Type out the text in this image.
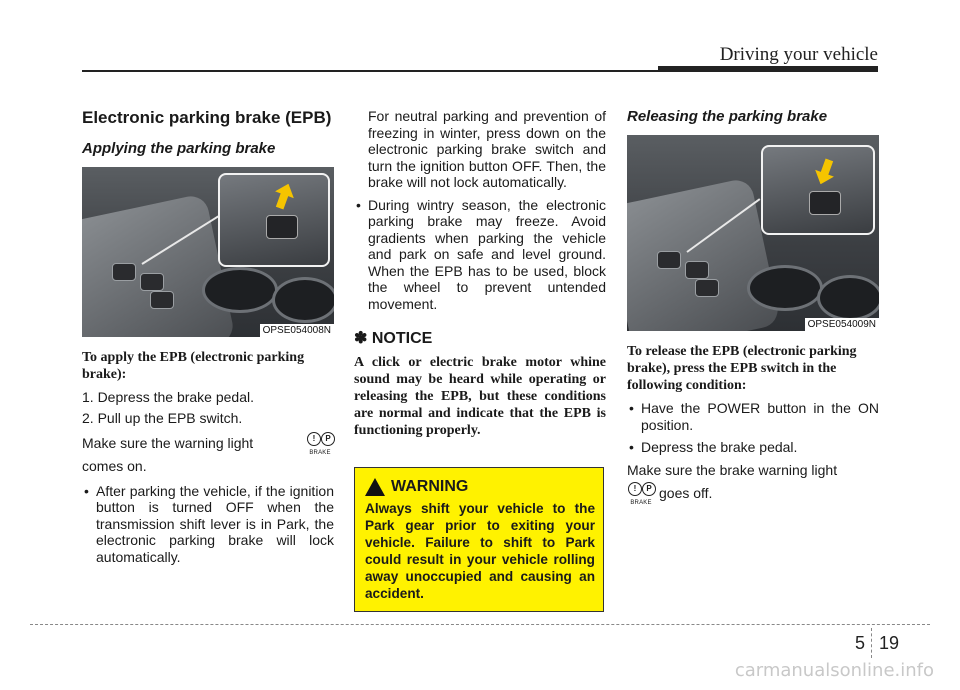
Driving your vehicle
Electronic parking brake (EPB)
Applying the parking brake
OPSE054008N
To apply the EPB (electronic parking brake):

1. Depress the brake pedal.

2. Pull up the EPB switch.

Make sure the warning light	!	P
BRAKE

comes on.

• After parking the vehicle, if the ignition button is turned OFF when the transmission shift lever is in Park, the electronic parking brake will lock automatically.

For neutral parking and prevention of freezing in winter, press down on the electronic parking brake switch and turn the ignition button OFF. Then, the brake will not lock automatically.

• During wintry season, the electronic parking brake may freeze. Avoid gradients when parking the vehicle and park on safe and level ground. When the EPB has to be used, block the wheel to prevent untended movement.
✽ NOTICE

A click or electric brake motor whine sound may be heard while operating or releasing the EPB, but these conditions are normal and indicate that the EPB is functioning properly.

WARNING
Always shift your vehicle to the Park gear prior to exiting your vehicle. Failure to shift to Park could result in your vehicle rolling away unoccupied and causing an accident.
Releasing the parking brake
OPSE054009N
To release the EPB (electronic parking brake), press the EPB switch in the following condition:
• Have the POWER button in the ON position.
• Depress the brake pedal.

Make sure the brake warning light

!	P
BRAKE
goes off.

5 19
carmanualsonline.info
